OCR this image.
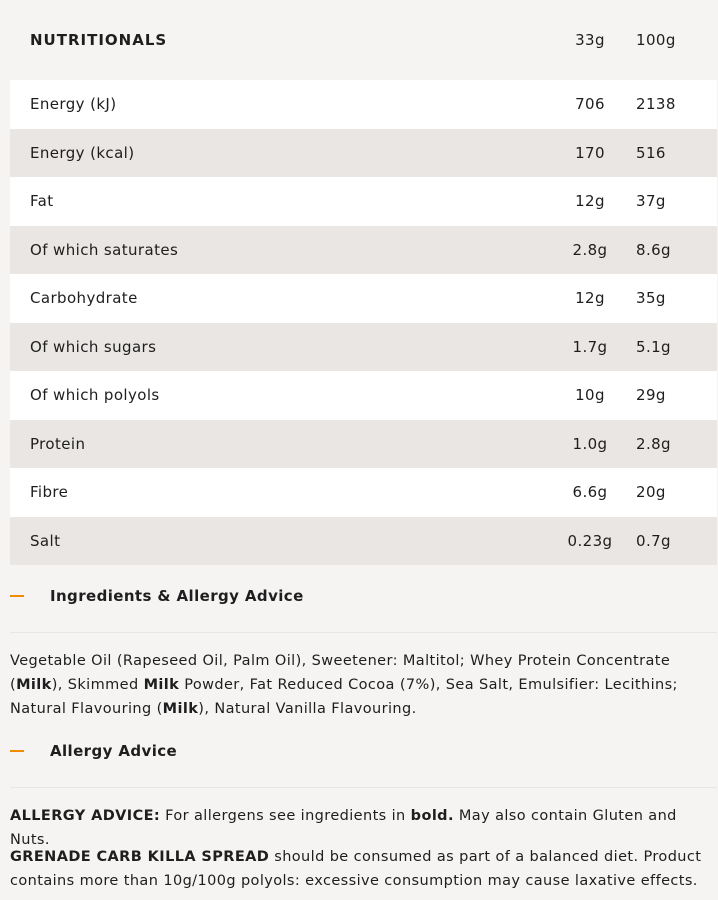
NUTRITIONALS	33g	100g
Energy (kJ)	706	2138
Energy (kcal)	170	516
Fat	12g	37g
Of which saturates	2.8g	8.6g
Carbohydrate	12g	35g
Of which sugars	1.7g	5.1g
Of which polyols	10g	29g
Protein	1.0g	2.8g
Fibre	6.6g	20g
Salt	0.23g	0.7g
Ingredients & Allergy Advice
Vegetable Oil (Rapeseed Oil, Palm Oil), Sweetener: Maltitol; Whey Protein Concentrate (Milk), Skimmed Milk Powder, Fat Reduced Cocoa (7%), Sea Salt, Emulsifier: Lecithins; Natural Flavouring (Milk), Natural Vanilla Flavouring.
Allergy Advice
ALLERGY ADVICE: For allergens see ingredients in bold. May also contain Gluten and Nuts.
GRENADE CARB KILLA SPREAD should be consumed as part of a balanced diet. Product contains more than 10g/100g polyols: excessive consumption may cause laxative effects.
